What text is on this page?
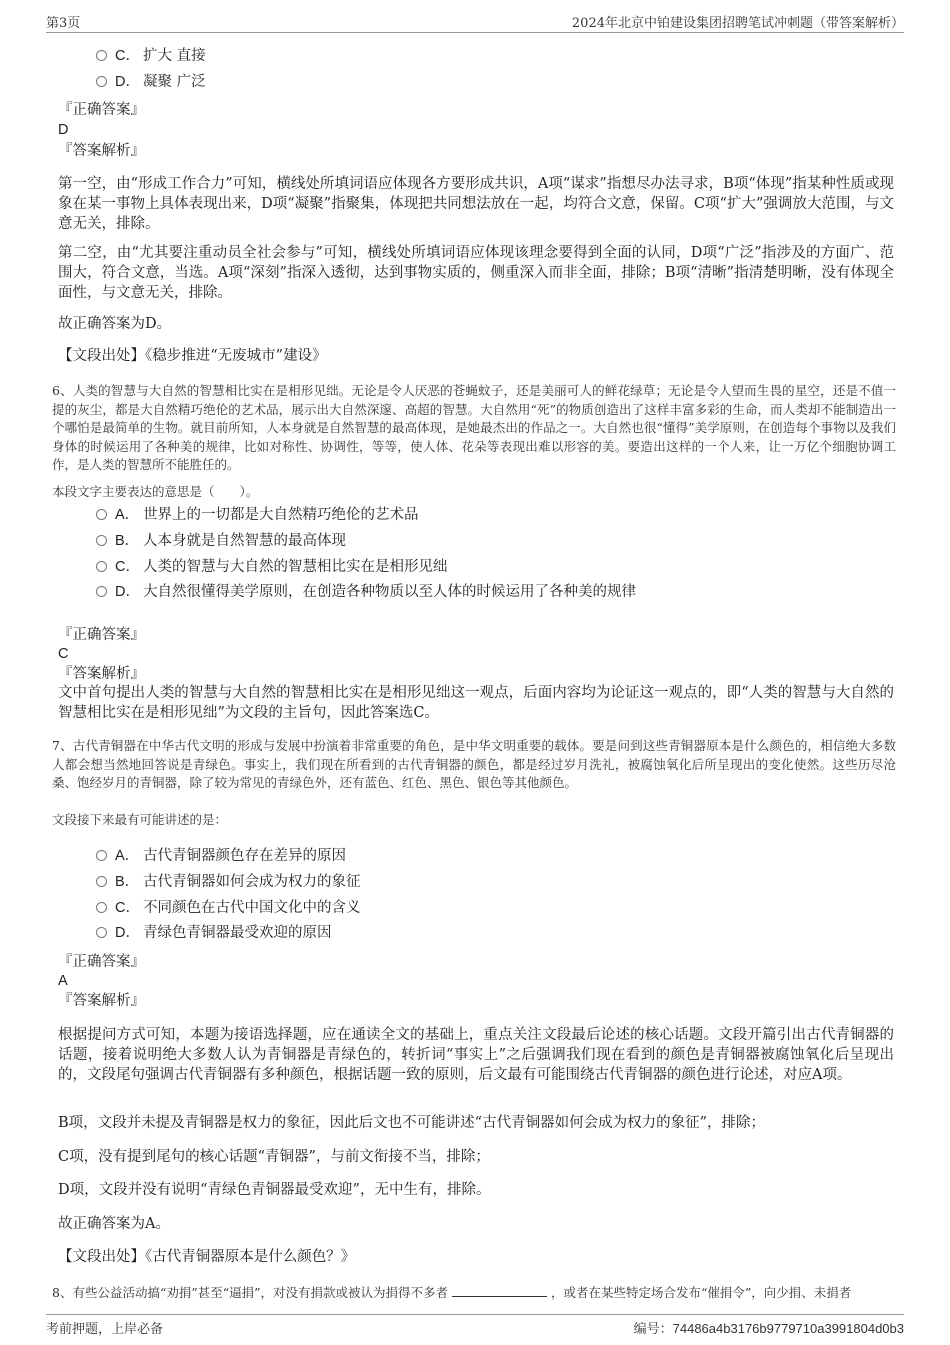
第3页	2024年北京中铂建设集团招聘笔试冲刺题（带答案解析）
C． 扩大 直接
D． 凝聚 广泛
『正确答案』
D
『答案解析』
第一空，由“形成工作合力”可知，横线处所填词语应体现各方要形成共识，A项“谋求”指想尽办法寻求，B项“体现”指某种性质或现象在某一事物上具体表现出来，D项“凝聚”指聚集，体现把共同想法放在一起，均符合文意，保留。C项“扩大”强调放大范围，与文意无关，排除。
第二空，由“尤其要注重动员全社会参与”可知，横线处所填词语应体现该理念要得到全面的认同，D项“广泛”指涉及的方面广、范围大，符合文意，当选。A项“深刻”指深入透彻，达到事物实质的，侧重深入而非全面，排除；B项“清晰”指清楚明晰，没有体现全面性，与文意无关，排除。
故正确答案为D。
【文段出处】《稳步推进“无废城市”建设》
6、人类的智慧与大自然的智慧相比实在是相形见绌。无论是令人厌恶的苍蝇蚊子，还是美丽可人的鲜花绿草；无论是令人望而生畏的星空，还是不值一提的灰尘，都是大自然精巧绝伦的艺术品，展示出大自然深邃、高超的智慧。大自然用“死”的物质创造出了这样丰富多彩的生命，而人类却不能制造出一个哪怕是最简单的生物。就目前所知，人本身就是自然智慧的最高体现，是她最杰出的作品之一。大自然也很“懂得”美学原则，在创造每个事物以及我们身体的时候运用了各种美的规律，比如对称性、协调性，等等，使人体、花朵等表现出难以形容的美。要造出这样的一个人来，让一万亿个细胞协调工作，是人类的智慧所不能胜任的。
本段文字主要表达的意思是（　　）。
A． 世界上的一切都是大自然精巧绝伦的艺术品
B． 人本身就是自然智慧的最高体现
C． 人类的智慧与大自然的智慧相比实在是相形见绌
D． 大自然很懂得美学原则，在创造各种物质以至人体的时候运用了各种美的规律
『正确答案』
C
『答案解析』
文中首句提出人类的智慧与大自然的智慧相比实在是相形见绌这一观点，后面内容均为论证这一观点的，即“人类的智慧与大自然的智慧相比实在是相形见绌”为文段的主旨句，因此答案选C。
7、古代青铜器在中华古代文明的形成与发展中扮演着非常重要的角色，是中华文明重要的载体。要是问到这些青铜器原本是什么颜色的，相信绝大多数人都会想当然地回答说是青绿色。事实上，我们现在所看到的古代青铜器的颜色，都是经过岁月洗礼，被腐蚀氧化后所呈现出的变化使然。这些历尽沧桑、饱经岁月的青铜器，除了较为常见的青绿色外，还有蓝色、红色、黑色、银色等其他颜色。
文段接下来最有可能讲述的是：
A． 古代青铜器颜色存在差异的原因
B． 古代青铜器如何会成为权力的象征
C． 不同颜色在古代中国文化中的含义
D． 青绿色青铜器最受欢迎的原因
『正确答案』
A
『答案解析』
根据提问方式可知，本题为接语选择题，应在通读全文的基础上，重点关注文段最后论述的核心话题。文段开篇引出古代青铜器的话题，接着说明绝大多数人认为青铜器是青绿色的，转折词“事实上”之后强调我们现在看到的颜色是青铜器被腐蚀氧化后呈现出的，文段尾句强调古代青铜器有多种颜色，根据话题一致的原则，后文最有可能围绕古代青铜器的颜色进行论述，对应A项。
B项，文段并未提及青铜器是权力的象征，因此后文也不可能讲述“古代青铜器如何会成为权力的象征”，排除；
C项，没有提到尾句的核心话题“青铜器”，与前文衔接不当，排除；
D项，文段并没有说明“青绿色青铜器最受欢迎”，无中生有，排除。
故正确答案为A。
【文段出处】《古代青铜器原本是什么颜色？》
8、有些公益活动搞“劝捐”甚至“逼捐”，对没有捐款或被认为捐得不多者	，或者在某些特定场合发布“催捐令”，向少捐、未捐者
考前押题，上岸必备	编号：74486a4b3176b9779710a3991804d0b3
